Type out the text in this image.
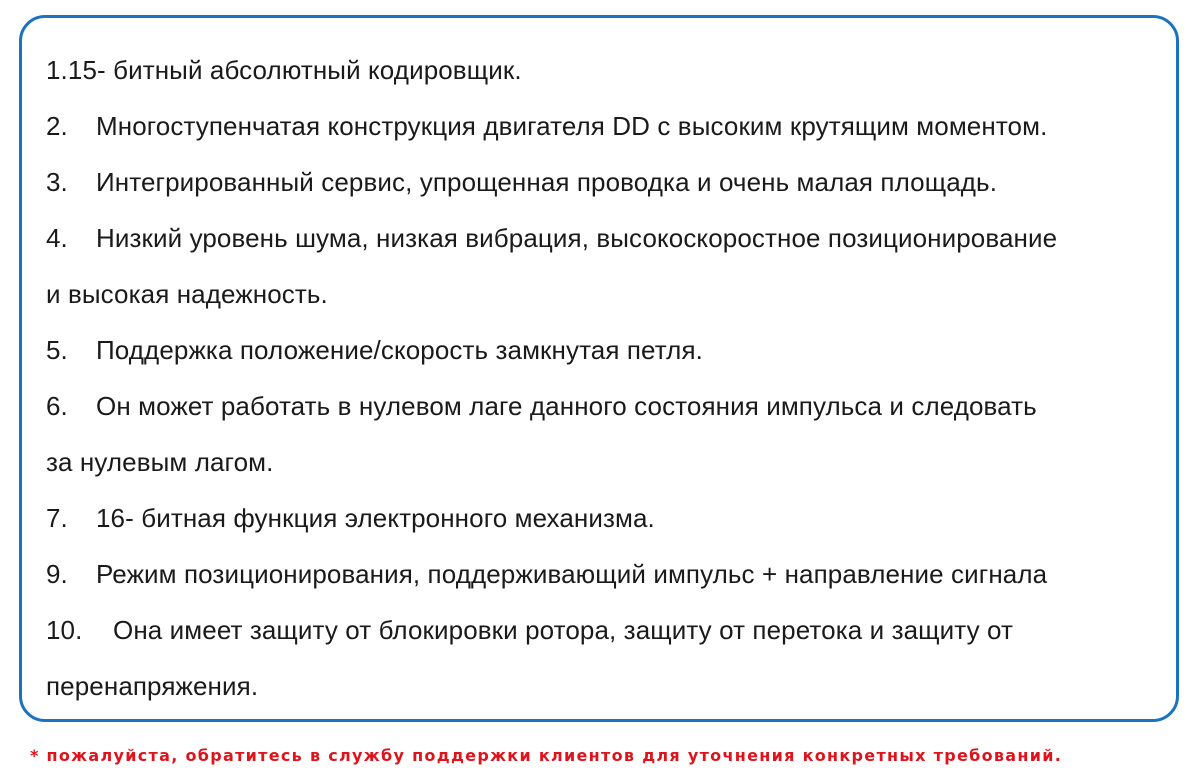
1.15- битный абсолютный кодировщик.
2. Многоступенчатая конструкция двигателя DD с высоким крутящим моментом.
3. Интегрированный сервис, упрощенная проводка и очень малая площадь.
4. Низкий уровень шума, низкая вибрация, высокоскоростное позиционирование
и высокая надежность.
5. Поддержка положение/скорость замкнутая петля.
6. Он может работать в нулевом лаге данного состояния импульса и следовать
за нулевым лагом.
7. 16- битная функция электронного механизма.
9. Режим позиционирования, поддерживающий импульс + направление сигнала
10. Она имеет защиту от блокировки ротора, защиту от перетока и защиту от
перенапряжения.
* пожалуйста, обратитесь в службу поддержки клиентов для уточнения конкретных требований.
